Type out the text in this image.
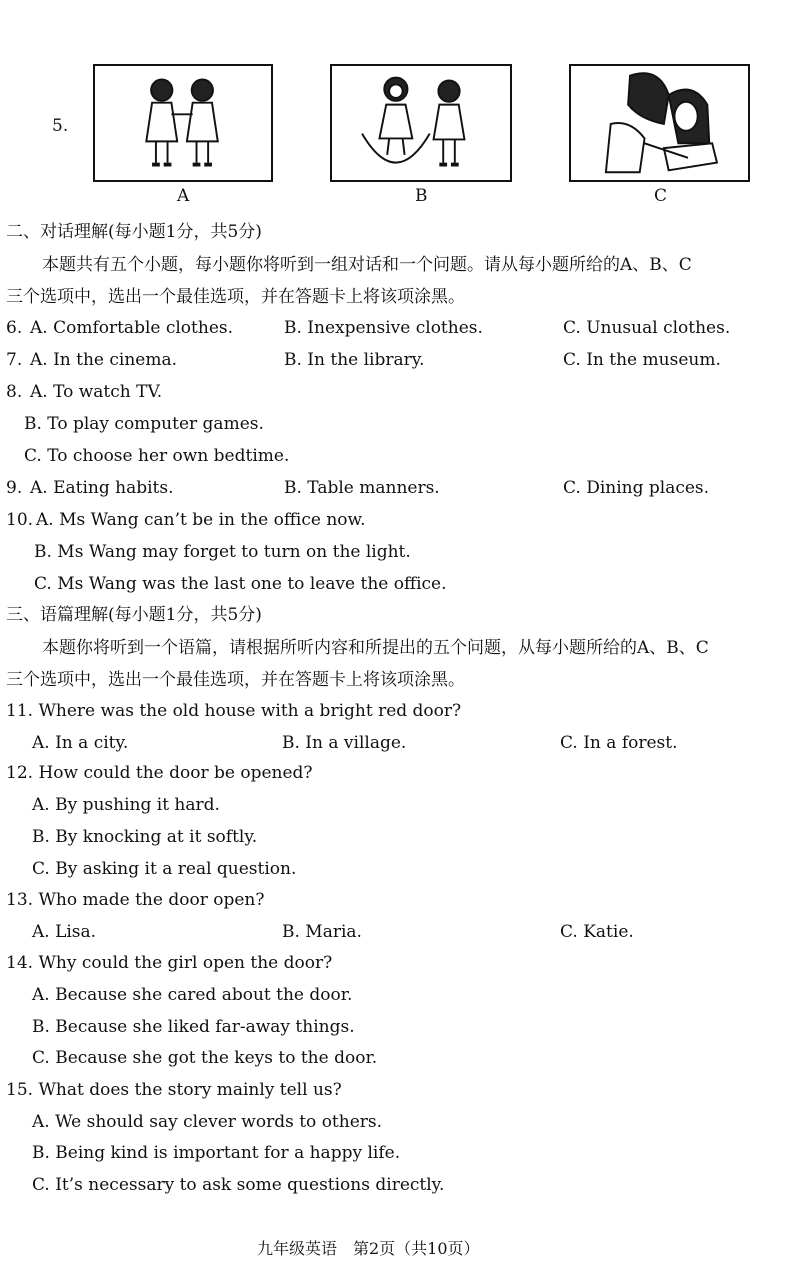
5.
A	B	C
二、对话理解(每小题1分，共5分)
本题共有五个小题，每小题你将听到一组对话和一个问题。请从每小题所给的A、B、C
三个选项中，选出一个最佳选项，并在答题卡上将该项涂黑。
6. A. Comfortable clothes.	B. Inexpensive clothes.	C. Unusual clothes.
7. A. In the cinema.	B. In the library.	C. In the museum.
8. A. To watch TV.
B. To play computer games.
C. To choose her own bedtime.
9. A. Eating habits.	B. Table manners.	C. Dining places.
10. A. Ms Wang can’t be in the office now.
B. Ms Wang may forget to turn on the light.
C. Ms Wang was the last one to leave the office.
三、语篇理解(每小题1分，共5分)
本题你将听到一个语篇，请根据所听内容和所提出的五个问题，从每小题所给的A、B、C
三个选项中，选出一个最佳选项，并在答题卡上将该项涂黑。
11. Where was the old house with a bright red door?
A. In a city.	B. In a village.	C. In a forest.
12. How could the door be opened?
A. By pushing it hard.
B. By knocking at it softly.
C. By asking it a real question.
13. Who made the door open?
A. Lisa.	B. Maria.	C. Katie.
14. Why could the girl open the door?
A. Because she cared about the door.
B. Because she liked far-away things.
C. Because she got the keys to the door.
15. What does the story mainly tell us?
A. We should say clever words to others.
B. Being kind is important for a happy life.
C. It’s necessary to ask some questions directly.
九年级英语　第2页（共10页）
